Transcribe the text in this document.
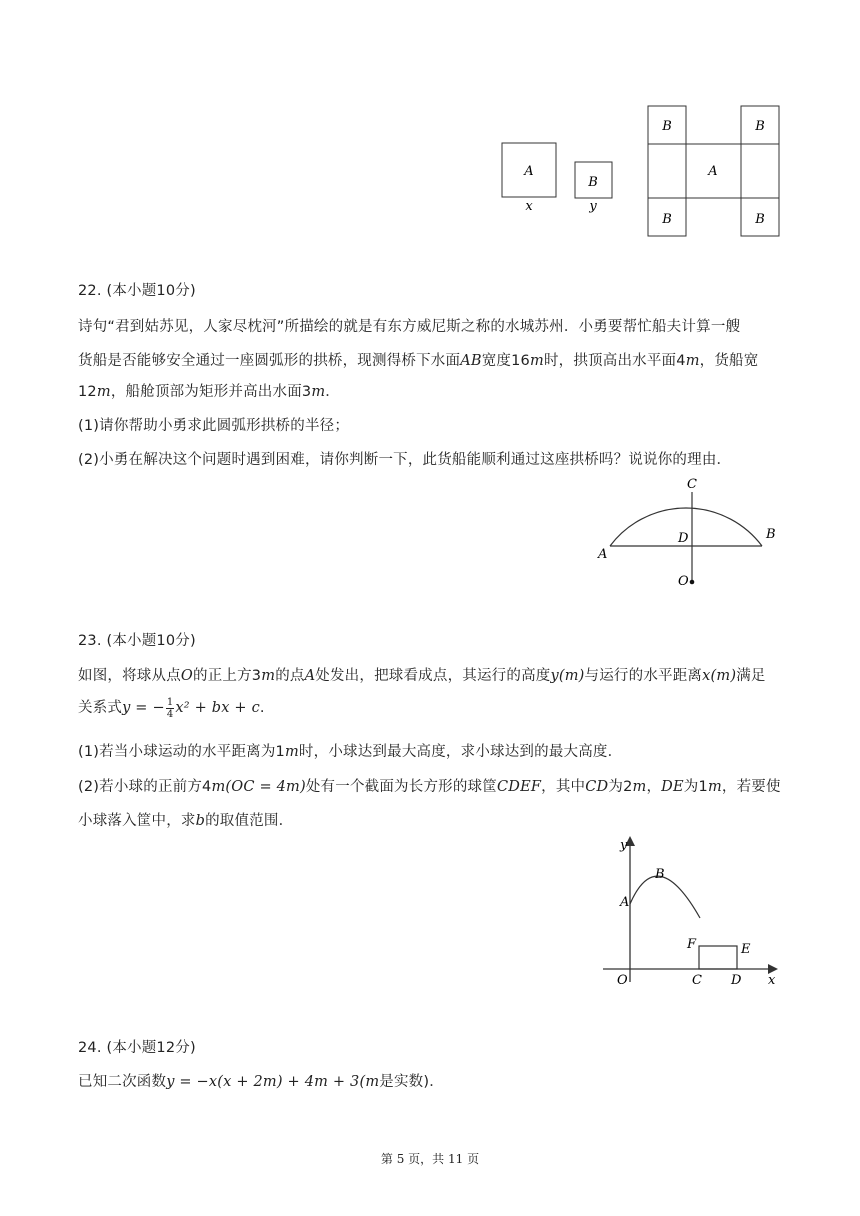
A
x
B
y
B	B
A
B	B
22. (本小题10分)
诗句“君到姑苏见，人家尽枕河”所描绘的就是有东方威尼斯之称的水城苏州．小勇要帮忙船夫计算一艘
货船是否能够安全通过一座圆弧形的拱桥，现测得桥下水面AB宽度16m时，拱顶高出水平面4m，货船宽
12m，船舱顶部为矩形并高出水面3m．
(1)请你帮助小勇求此圆弧形拱桥的半径；
(2)小勇在解决这个问题时遇到困难，请你判断一下，此货船能顺利通过这座拱桥吗？说说你的理由．
C
D
A
B
O
23. (本小题10分)
如图，将球从点O的正上方3m的点A处发出，把球看成点，其运行的高度y(m)与运行的水平距离x(m)满足
关系式y = − $\frac{1}{4} x^2$ + bx + c.
(1)若当小球运动的水平距离为1m时，小球达到最大高度，求小球达到的最大高度．
(2)若小球的正前方4m(OC = 4m)处有一个截面为长方形的球筐CDEF，其中CD为2m，DE为1m，若要使
小球落入筐中，求b的取值范围．
y
x
O
A
B
F	E
C D
24. (本小题12分)
已知二次函数y = −x(x + 2m) + 4m + 3(m是实数)．
第 5 页，共 11 页
